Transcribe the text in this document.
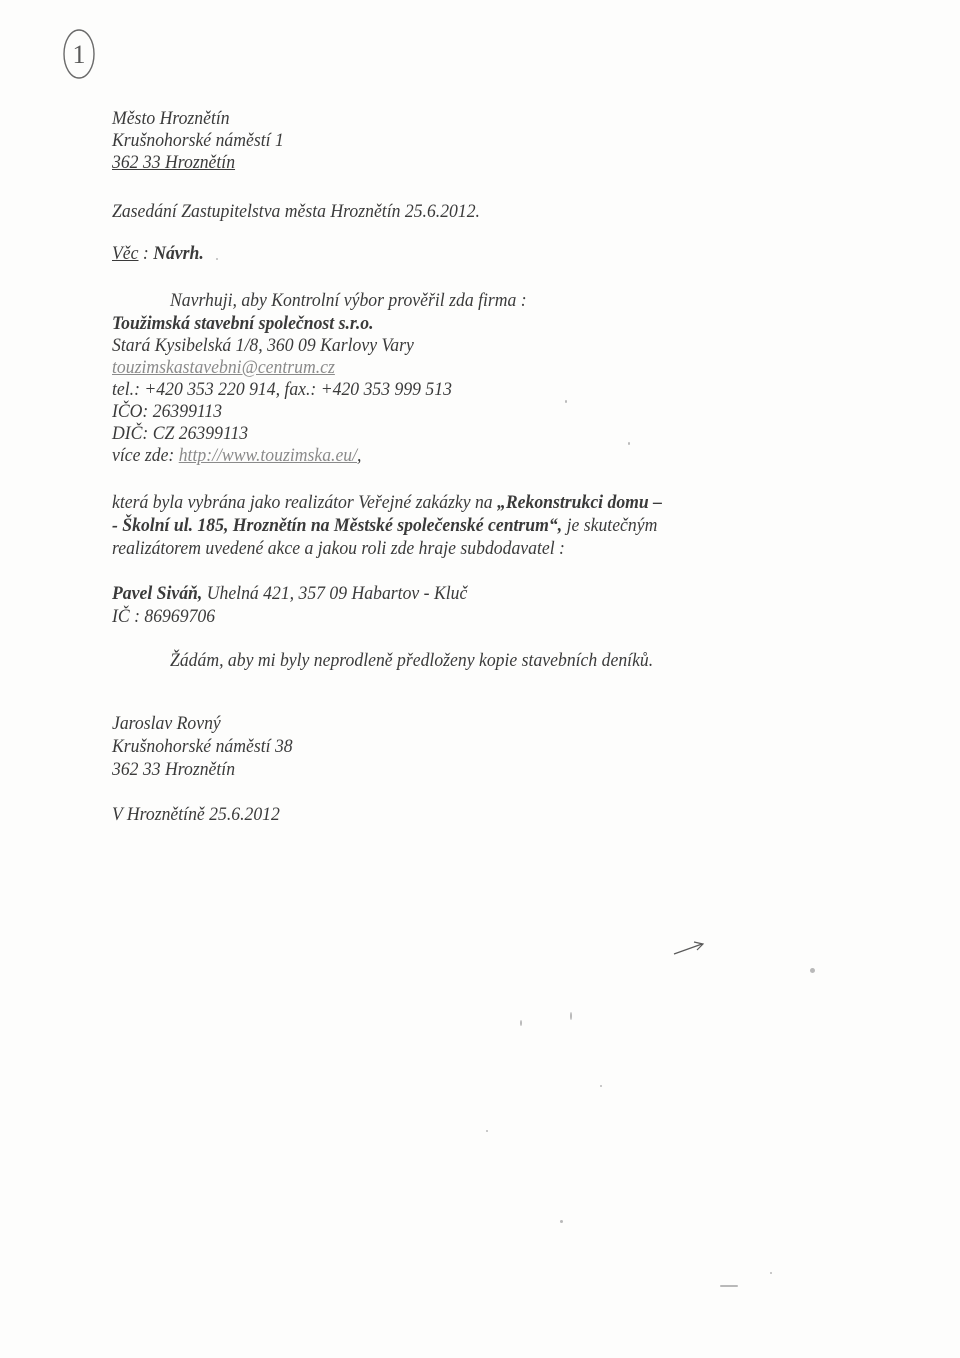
1
Město Hroznětín
Krušnohorské náměstí 1
362 33 Hroznětín
Zasedání Zastupitelstva města Hroznětín 25.6.2012.
Věc : Návrh.
Navrhuji, aby Kontrolní výbor prověřil zda firma :
Toužimská stavební společnost s.r.o.
Stará Kysibelská 1/8, 360 09 Karlovy Vary
touzimskastavebni@centrum.cz
tel.: +420 353 220 914, fax.: +420 353 999 513
IČO: 26399113
DIČ: CZ 26399113
více zde: http://www.touzimska.eu/,
která byla vybrána jako realizátor Veřejné zakázky na „Rekonstrukci domu –
- Školní ul. 185, Hroznětín na Městské společenské centrum“, je skutečným
realizátorem uvedené akce a jakou roli zde hraje subdodavatel :
Pavel Siváň, Uhelná 421, 357 09 Habartov - Kluč
IČ : 86969706
Žádám, aby mi byly neprodleně předloženy kopie stavebních deníků.
Jaroslav Rovný
Krušnohorské náměstí 38
362 33 Hroznětín
V Hroznětíně 25.6.2012
